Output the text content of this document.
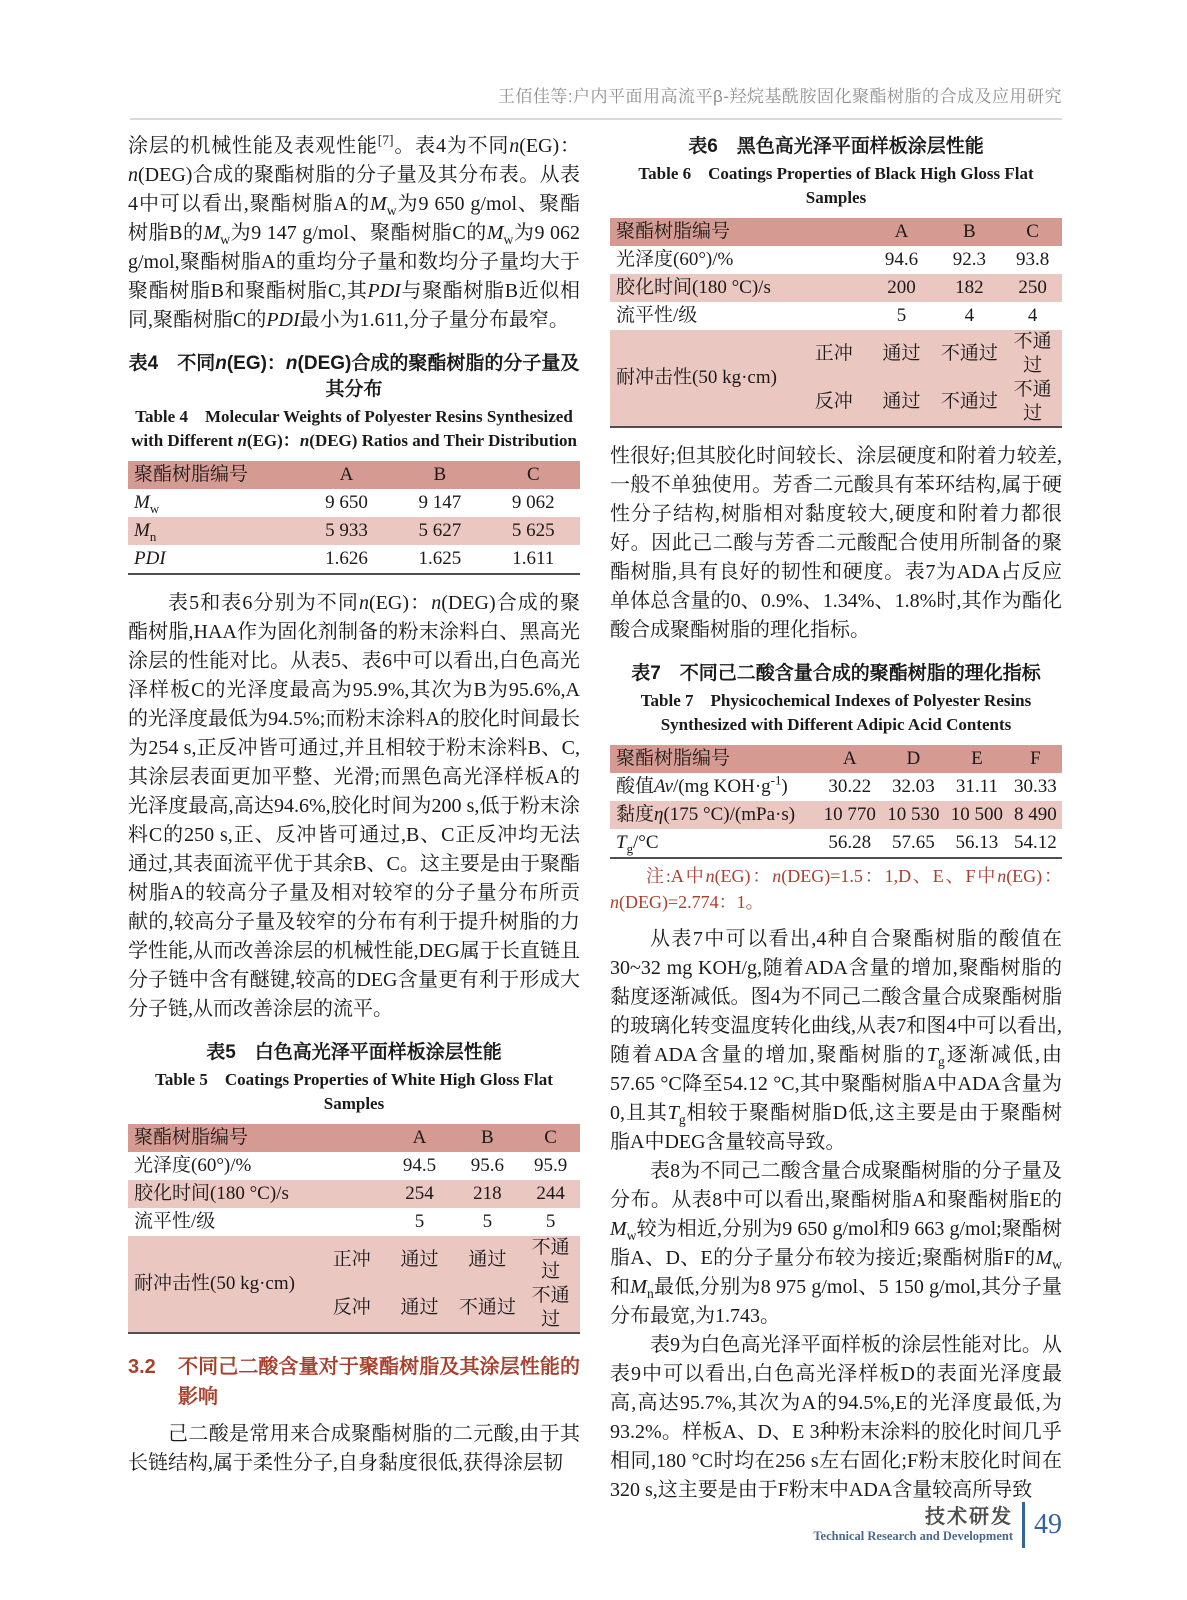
王佰佳等:户内平面用高流平β-羟烷基酰胺固化聚酯树脂的合成及应用研究

涂层的机械性能及表观性能[7]。表4为不同n(EG)：n(DEG)合成的聚酯树脂的分子量及其分布表。从表4中可以看出,聚酯树脂A的$M_w$为9 650 g/mol、聚酯树脂B的$M_w$为9 147 g/mol、聚酯树脂C的$M_w$为9 062 g/mol,聚酯树脂A的重均分子量和数均分子量均大于聚酯树脂B和聚酯树脂C,其PDI与聚酯树脂B近似相同,聚酯树脂C的PDI最小为1.611,分子量分布最窄。

表4　不同n(EG)：n(DEG)合成的聚酯树脂的分子量及其分布
Table 4　Molecular Weights of Polyester Resins Synthesized with Different n(EG)：n(DEG) Ratios and Their Distribution
聚酯树脂编号	A	B	C
$M_w$	9 650	9 147	9 062
$M_n$	5 933	5 627	5 625
PDI	1.626	1.625	1.611

表5和表6分别为不同n(EG)：n(DEG)合成的聚酯树脂,HAA作为固化剂制备的粉末涂料白、黑高光涂层的性能对比。从表5、表6中可以看出,白色高光泽样板C的光泽度最高为95.9%,其次为B为95.6%,A的光泽度最低为94.5%;而粉末涂料A的胶化时间最长为254 s,正反冲皆可通过,并且相较于粉末涂料B、C,其涂层表面更加平整、光滑;而黑色高光泽样板A的光泽度最高,高达94.6%,胶化时间为200 s,低于粉末涂料C的250 s,正、反冲皆可通过,B、C正反冲均无法通过,其表面流平优于其余B、C。这主要是由于聚酯树脂A的较高分子量及相对较窄的分子量分布所贡献的,较高分子量及较窄的分布有利于提升树脂的力学性能,从而改善涂层的机械性能,DEG属于长直链且分子链中含有醚键,较高的DEG含量更有利于形成大分子链,从而改善涂层的流平。

表5　白色高光泽平面样板涂层性能
Table 5　Coatings Properties of White High Gloss Flat Samples
聚酯树脂编号		A	B	C
光泽度(60°)/%		94.5	95.6	95.9
胶化时间(180 °C)/s		254	218	244
流平性/级		5	5	5
耐冲击性(50 kg·cm)	正冲	通过	通过	不通过
	反冲	通过	不通过	不通过
3.2	不同己二酸含量对于聚酯树脂及其涂层性能的影响

己二酸是常用来合成聚酯树脂的二元酸,由于其长链结构,属于柔性分子,自身黏度很低,获得涂层韧

表6　黑色高光泽平面样板涂层性能
Table 6　Coatings Properties of Black High Gloss Flat Samples
聚酯树脂编号		A	B	C
光泽度(60°)/%		94.6	92.3	93.8
胶化时间(180 °C)/s		200	182	250
流平性/级		5	4	4
耐冲击性(50 kg·cm)	正冲	通过	不通过	不通过
	反冲	通过	不通过	不通过

性很好;但其胶化时间较长、涂层硬度和附着力较差,一般不单独使用。芳香二元酸具有苯环结构,属于硬性分子结构,树脂相对黏度较大,硬度和附着力都很好。因此己二酸与芳香二元酸配合使用所制备的聚酯树脂,具有良好的韧性和硬度。表7为ADA占反应单体总含量的0、0.9%、1.34%、1.8%时,其作为酯化酸合成聚酯树脂的理化指标。

表7　不同己二酸含量合成的聚酯树脂的理化指标
Table 7　Physicochemical Indexes of Polyester Resins Synthesized with Different Adipic Acid Contents
聚酯树脂编号	A	D	E	F
酸值Av/(mg $KOH\cdot g^{-1}$)	30.22	32.03	31.11	30.33
黏度η(175 °C)/(mPa·s)	10 770	10 530	10 500	8 490
$T_g/^\circ C$	56.28	57.65	56.13	54.12
注:A中n(EG)：n(DEG)=1.5：1,D、E、F中n(EG)：n(DEG)=2.774：1。

从表7中可以看出,4种自合聚酯树脂的酸值在30~32 mg KOH/g,随着ADA含量的增加,聚酯树脂的黏度逐渐减低。图4为不同己二酸含量合成聚酯树脂的玻璃化转变温度转化曲线,从表7和图4中可以看出,随着ADA含量的增加,聚酯树脂的$T_g$逐渐减低,由57.65 °C降至54.12 °C,其中聚酯树脂A中ADA含量为0,且其$T_g$相较于聚酯树脂D低,这主要是由于聚酯树脂A中DEG含量较高导致。

表8为不同己二酸含量合成聚酯树脂的分子量及分布。从表8中可以看出,聚酯树脂A和聚酯树脂E的$M_w$较为相近,分别为9 650 g/mol和9 663 g/mol;聚酯树脂A、D、E的分子量分布较为接近;聚酯树脂F的$M_w$和$M_n$最低,分别为8 975 g/mol、5 150 g/mol,其分子量分布最宽,为1.743。

表9为白色高光泽平面样板的涂层性能对比。从表9中可以看出,白色高光泽样板D的表面光泽度最高,高达95.7%,其次为A的94.5%,E的光泽度最低,为93.2%。样板A、D、E 3种粉末涂料的胶化时间几乎相同,180 °C时均在256 s左右固化;F粉末胶化时间在320 s,这主要是由于F粉末中ADA含量较高所导致

技术研发
Technical Research and Development 49
